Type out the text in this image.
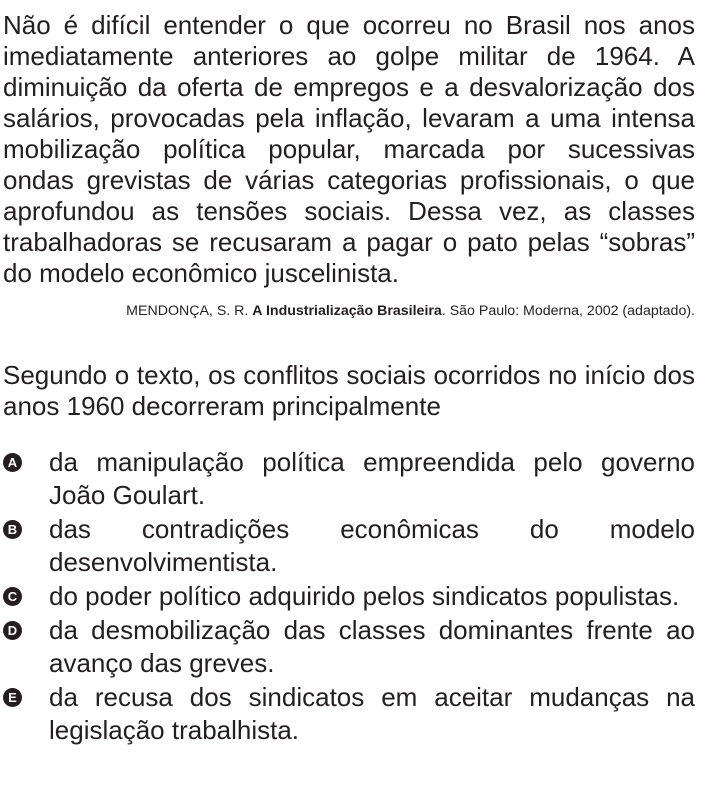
Não é difícil entender o que ocorreu no Brasil nos anos imediatamente anteriores ao golpe militar de 1964. A diminuição da oferta de empregos e a desvalorização dos salários, provocadas pela inflação, levaram a uma intensa mobilização política popular, marcada por sucessivas ondas grevistas de várias categorias profissionais, o que aprofundou as tensões sociais. Dessa vez, as classes trabalhadoras se recusaram a pagar o pato pelas “sobras” do modelo econômico juscelinista.

MENDONÇA, S. R. A Industrialização Brasileira. São Paulo: Moderna, 2002 (adaptado).

Segundo o texto, os conflitos sociais ocorridos no início dos anos 1960 decorreram principalmente

A da manipulação política empreendida pelo governo João Goulart.
B das contradições econômicas do modelo desenvolvimentista.
C do poder político adquirido pelos sindicatos populistas.
D da desmobilização das classes dominantes frente ao avanço das greves.
E da recusa dos sindicatos em aceitar mudanças na legislação trabalhista.
